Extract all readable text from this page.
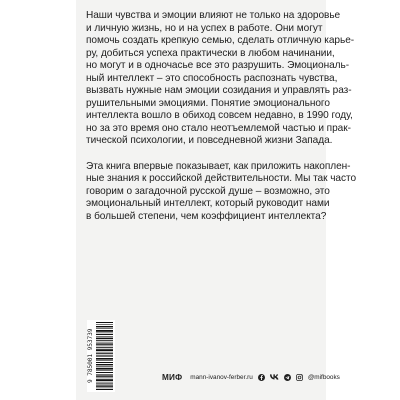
Наши чувства и эмоции влияют не только на здоровье
и личную жизнь, но и на успех в работе. Они могут
помочь создать крепкую семью, сделать отличную карье-
ру, добиться успеха практически в любом начинании,
но могут и в одночасье все это разрушить. Эмоциональ-
ный интеллект – это способность распознать чувства,
вызвать нужные нам эмоции созидания и управлять раз-
рушительными эмоциями. Понятие эмоционального
интеллекта вошло в обиход совсем недавно, в 1990 году,
но за это время оно стало неотъемлемой частью и прак-
тической психологии, и повседневной жизни Запада.

Эта книга впервые показывает, как приложить накоплен-
ные знания к российской действительности. Мы так часто
говорим о загадочной русской душе – возможно, это
эмоциональный интеллект, который руководит нами
в большей степени, чем коэффициент интеллекта?

9 785001 953739	МИФ mann-ivanov-ferber.ru	@mifbooks
